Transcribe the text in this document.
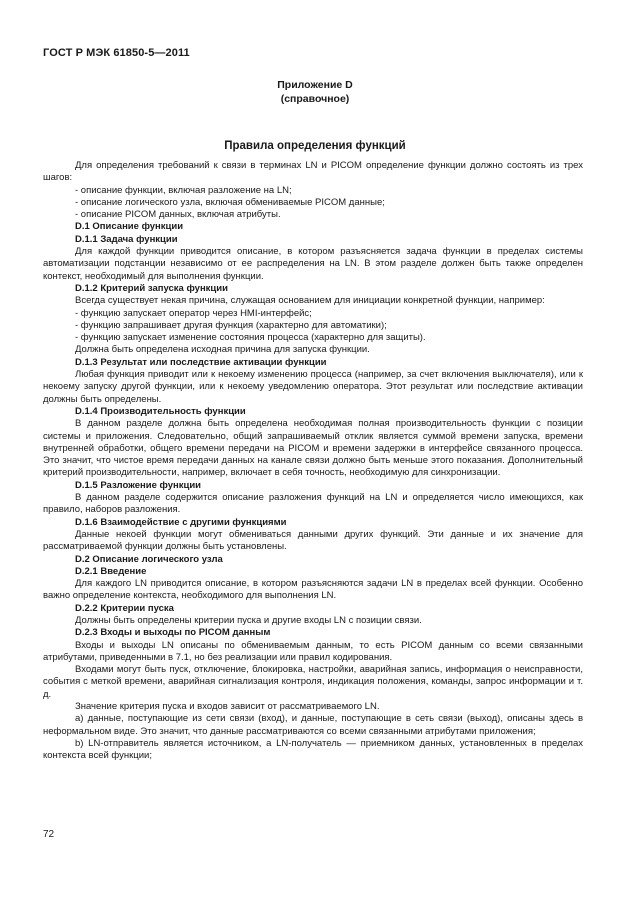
ГОСТ Р МЭК 61850-5—2011
Приложение D
(справочное)
Правила определения функций

Для определения требований к связи в терминах LN и PICOM определение функции должно состоять из трех шагов:

- описание функции, включая разложение на LN;

- описание логического узла, включая обмениваемые PICOM данные;

- описание PICOM данных, включая атрибуты.

D.1 Описание функции

D.1.1 Задача функции

Для каждой функции приводится описание, в котором разъясняется задача функции в пределах системы автоматизации подстанции независимо от ее распределения на LN. В этом разделе должен быть также определен контекст, необходимый для выполнения функции.

D.1.2 Критерий запуска функции

Всегда существует некая причина, служащая основанием для инициации конкретной функции, например:

- функцию запускает оператор через HMI-интерфейс;

- функцию запрашивает другая функция (характерно для автоматики);

- функцию запускает изменение состояния процесса (характерно для защиты).

Должна быть определена исходная причина для запуска функции.

D.1.3 Результат или последствие активации функции

Любая функция приводит или к некоему изменению процесса (например, за счет включения выключателя), или к некоему запуску другой функции, или к некоему уведомлению оператора. Этот результат или последствие активации должны быть определены.

D.1.4 Производительность функции

В данном разделе должна быть определена необходимая полная производительность функции с позиции системы и приложения. Следовательно, общий запрашиваемый отклик является суммой времени запуска, времени внутренней обработки, общего времени передачи на PICOM и времени задержки в интерфейсе связанного процесса. Это значит, что чистое время передачи данных на канале связи должно быть меньше этого показания. Дополнительный критерий производительности, например, включает в себя точность, необходимую для синхронизации.

D.1.5 Разложение функции

В данном разделе содержится описание разложения функций на LN и определяется число имеющихся, как правило, наборов разложения.

D.1.6 Взаимодействие с другими функциями

Данные некоей функции могут обмениваться данными других функций. Эти данные и их значение для рассматриваемой функции должны быть установлены.

D.2 Описание логического узла

D.2.1 Введение

Для каждого LN приводится описание, в котором разъясняются задачи LN в пределах всей функции. Особенно важно определение контекста, необходимого для выполнения LN.

D.2.2 Критерии пуска

Должны быть определены критерии пуска и другие входы LN с позиции связи.

D.2.3 Входы и выходы по PICOM данным

Входы и выходы LN описаны по обмениваемым данным, то есть PICOM данным со всеми связанными атрибутами, приведенными в 7.1, но без реализации или правил кодирования.

Входами могут быть пуск, отключение, блокировка, настройки, аварийная запись, информация о неисправности, события с меткой времени, аварийная сигнализация контроля, индикация положения, команды, запрос информации и т. д.

Значение критерия пуска и входов зависит от рассматриваемого LN.

а) данные, поступающие из сети связи (вход), и данные, поступающие в сеть связи (выход), описаны здесь в неформальном виде. Это значит, что данные рассматриваются со всеми связанными атрибутами приложения;

b) LN-отправитель является источником, а LN-получатель — приемником данных, установленных в пределах контекста всей функции;

72
